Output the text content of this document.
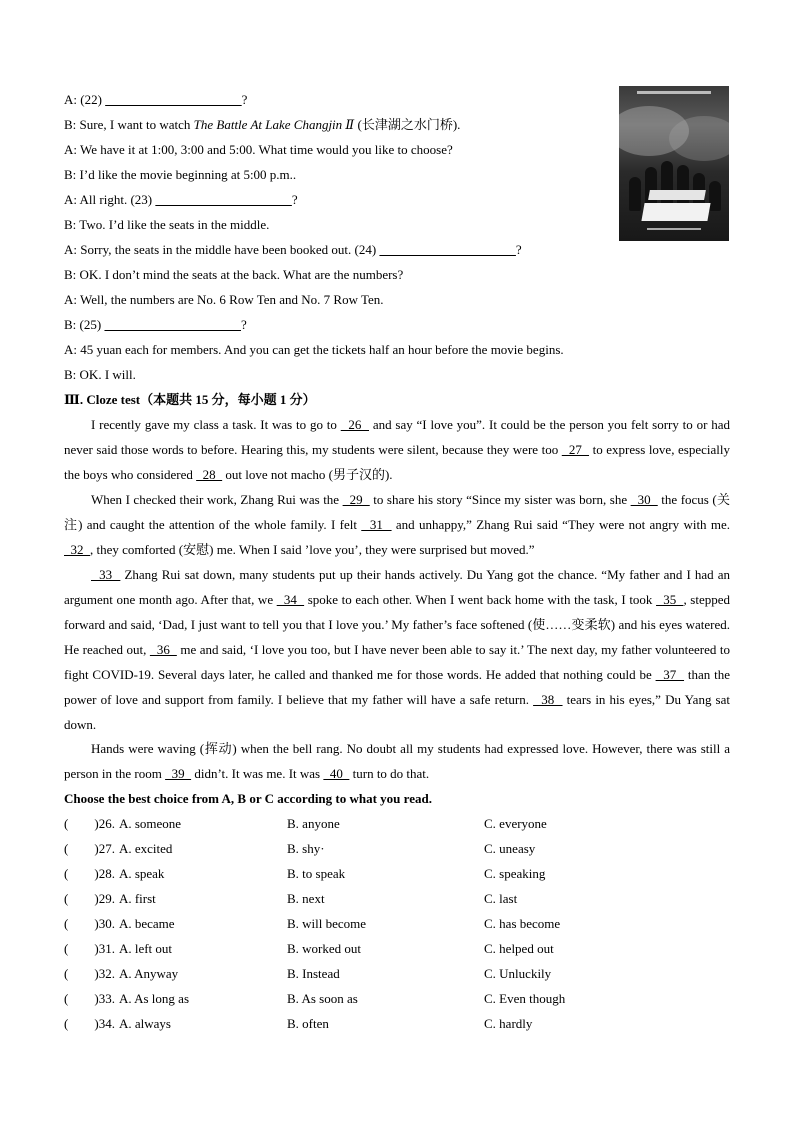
A: (22)	?
B: Sure, I want to watch The Battle At Lake Changjin Ⅱ (长津湖之水门桥).
A: We have it at 1:00, 3:00 and 5:00. What time would you like to choose?
B: I’d like the movie beginning at 5:00 p.m..
A: All right. (23)	?
B: Two. I’d like the seats in the middle.
A: Sorry, the seats in the middle have been booked out. (24)	?
B: OK. I don’t mind the seats at the back. What are the numbers?
A: Well, the numbers are No. 6 Row Ten and No. 7 Row Ten.
B: (25)	?
A: 45 yuan each for members. And you can get the tickets half an hour before the movie begins.
B: OK. I will.
Ⅲ. Cloze test（本题共 15 分，每小题 1 分）
I recently gave my class a task. It was to go to   26   and say “I love you”. It could be the person you felt sorry to or had never said those words to before. Hearing this, my students were silent, because they were too   27   to express love, especially the boys who considered   28   out love not macho (男子汉的).
When I checked their work, Zhang Rui was the   29   to share his story “Since my sister was born, she   30   the focus (关注) and caught the attention of the whole family. I felt   31   and unhappy,” Zhang Rui said “They were not angry with me.   32  , they comforted (安慰) me. When I said ’love you’, they were surprised but moved.”
33   Zhang Rui sat down, many students put up their hands actively. Du Yang got the chance. “My father and I had an argument one month ago. After that, we   34   spoke to each other. When I went back home with the task, I took   35  , stepped forward and said, ‘Dad, I just want to tell you that I love you.’ My father’s face softened (使……变柔软) and his eyes watered. He reached out,   36   me and said, ‘I love you too, but I have never been able to say it.’ The next day, my father volunteered to fight COVID-19. Several days later, he called and thanked me for those words. He added that nothing could be   37   than the power of love and support from family. I believe that my father will have a safe return.   38   tears in his eyes,” Du Yang sat down.
Hands were waving (挥动) when the bell rang. No doubt all my students had expressed love. However, there was still a person in the room   39   didn’t. It was me. It was   40   turn to do that.
Choose the best choice from A, B or C according to what you read.
( )26. A. someone	B. anyone	C. everyone
( )27. A. excited	B. shy·	C. uneasy
( )28. A. speak	B. to speak	C. speaking
( )29. A. first	B. next	C. last
( )30. A. became	B. will become	C. has become
( )31. A. left out	B. worked out	C. helped out
( )32. A. Anyway	B. Instead	C. Unluckily
( )33. A. As long as	B. As soon as	C. Even though
( )34. A. always	B. often	C. hardly
